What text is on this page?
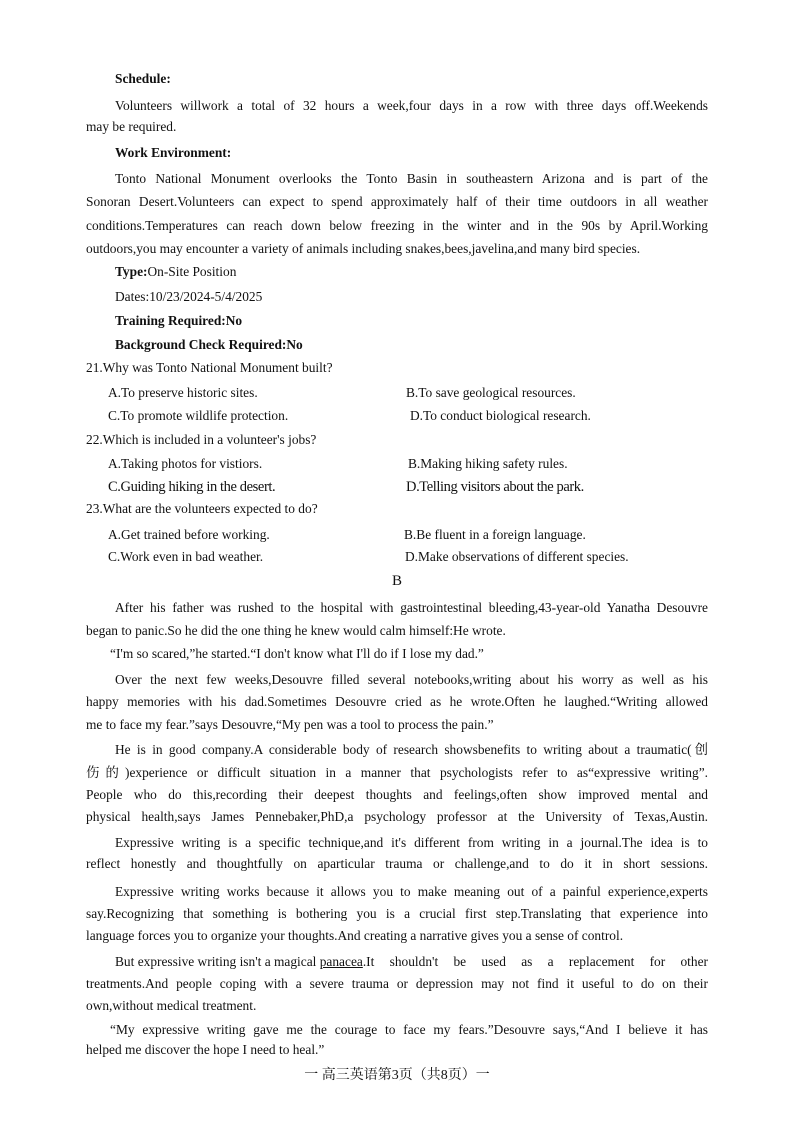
Schedule:
Volunteers willwork a total of 32 hours a week,four days in a row with three days off.Weekends
may be required.
Work Environment:
Tonto National Monument overlooks the Tonto Basin in southeastern Arizona and is part of the
Sonoran Desert.Volunteers can expect to spend approximately half of their time outdoors in all weather
conditions.Temperatures can reach down below freezing in the winter and in the 90s by April.Working
outdoors,you may encounter a variety of animals including snakes,bees,javelina,and many bird species.
Type:On-Site Position
Dates:10/23/2024-5/4/2025
Training Required:No
Background Check Required:No
21.Why was Tonto National Monument built?
A.To preserve historic sites.	B.To save geological resources.
C.To promote wildlife protection.	D.To conduct biological research.
22.Which is included in a volunteer's jobs?
A.Taking photos for vistiors.	B.Making hiking safety rules.
C.Guiding hiking in the desert.	D.Telling visitors about the park.
23.What are the volunteers expected to do?
A.Get trained before working.	B.Be fluent in a foreign language.
C.Work even in bad weather.	D.Make observations of different species.
B
After his father was rushed to the hospital with gastrointestinal bleeding,43-year-old Yanatha Desouvre
began to panic.So he did the one thing he knew would calm himself:He wrote.
“I'm so scared,”he started.“I don't know what I'll do if I lose my dad.”
Over the next few weeks,Desouvre filled several notebooks,writing about his worry as well as his
happy memories with his dad.Sometimes Desouvre cried as he wrote.Often he laughed.“Writing allowed
me to face my fear.”says Desouvre,“My pen was a tool to process the pain.”
He is in good company.A considerable body of research showsbenefits to writing about a traumatic(创
伤的)experience or difficult situation in a manner that psychologists refer to as“expressive writing”.
People who do this,recording their deepest thoughts and feelings,often show improved mental and
physical health,says James Pennebaker,PhD,a psychology professor at the University of Texas,Austin.
Expressive writing is a specific technique,and it's different from writing in a journal.The idea is to
reflect honestly and thoughtfully on aparticular trauma or challenge,and to do it in short sessions.
Expressive writing works because it allows you to make meaning out of a painful experience,experts
say.Recognizing that something is bothering you is a crucial first step.Translating that experience into
language forces you to organize your thoughts.And creating a narrative gives you a sense of control.
But expressive writing isn't a magical panacea .It shouldn't be used as a replacement for other
treatments.And people coping with a severe trauma or depression may not find it useful to do on their
own,without medical treatment.
“My expressive writing gave me the courage to face my fears.”Desouvre says,“And I believe it has
helped me discover the hope I need to heal.”
一 高三英语第3页（共8页）一
